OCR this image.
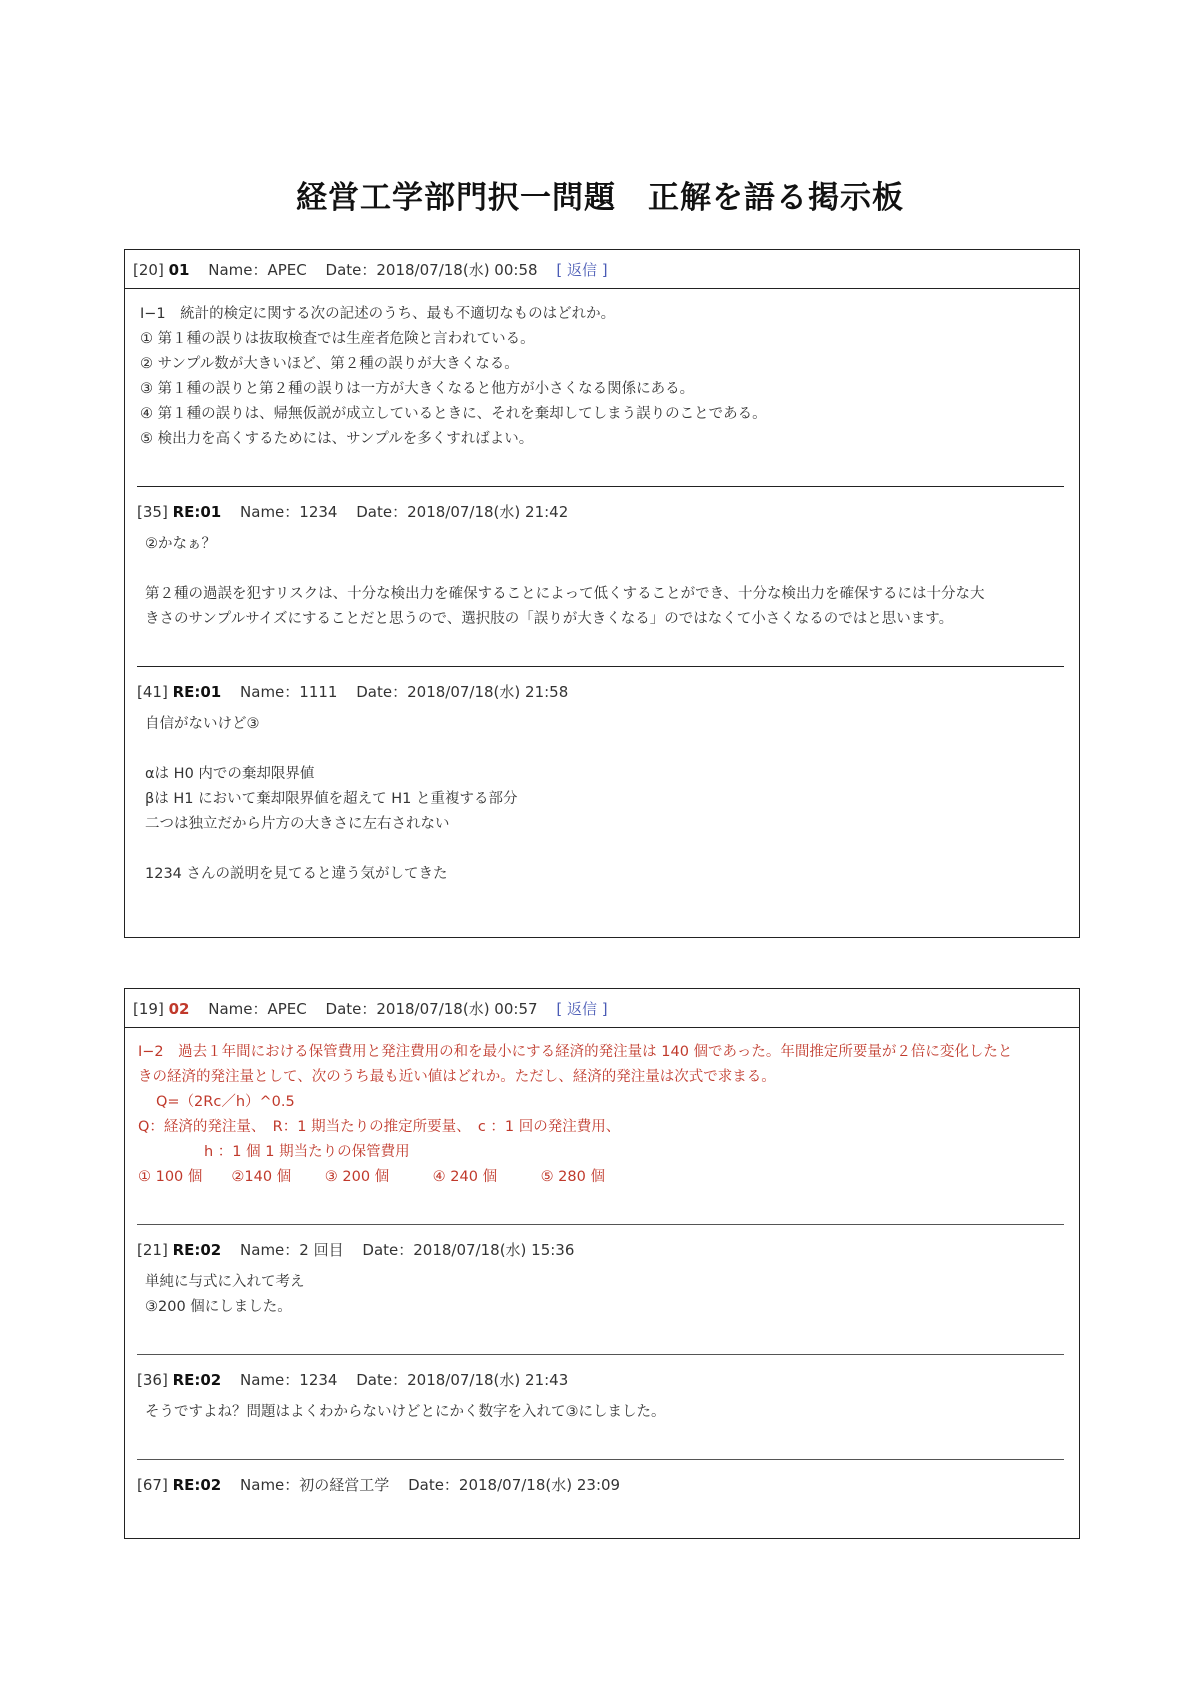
経営工学部門択一問題　正解を語る掲示板
[20] 01 Name：APEC Date：2018/07/18(水) 00:58 [ 返信 ]
Ⅰ−1　統計的検定に関する次の記述のうち、最も不適切なものはどれか。
① 第１種の誤りは抜取検査では生産者危険と言われている。
② サンプル数が大きいほど、第２種の誤りが大きくなる。
③ 第１種の誤りと第２種の誤りは一方が大きくなると他方が小さくなる関係にある。
④ 第１種の誤りは、帰無仮説が成立しているときに、それを棄却してしまう誤りのことである。
⑤ 検出力を高くするためには、サンプルを多くすればよい。
[35] RE:01 Name：1234 Date：2018/07/18(水) 21:42
②かなぁ？
第２種の過誤を犯すリスクは、十分な検出力を確保することによって低くすることができ、十分な検出力を確保するには十分な大
きさのサンプルサイズにすることだと思うので、選択肢の「誤りが大きくなる」のではなくて小さくなるのではと思います。
[41] RE:01 Name：1111 Date：2018/07/18(水) 21:58
自信がないけど③
αは H0 内での棄却限界値
βは H1 において棄却限界値を超えて H1 と重複する部分
二つは独立だから片方の大きさに左右されない
1234 さんの説明を見てると違う気がしてきた
[19] 02 Name：APEC Date：2018/07/18(水) 00:57 [ 返信 ]
Ⅰ−2　過去１年間における保管費用と発注費用の和を最小にする経済的発注量は 140 個であった。年間推定所要量が２倍に変化したと
きの経済的発注量として、次のうち最も近い値はどれか。ただし、経済的発注量は次式で求まる。
Q=（2Rc／h）^0.5
Q：経済的発注量、　R：1 期当たりの推定所要量、　c ：1 回の発注費用、
h ：1 個 1 期当たりの保管費用
① 100 個　　②140 個　　 ③ 200 個　　　④ 240 個　　　⑤ 280 個
[21] RE:02 Name：2 回目 Date：2018/07/18(水) 15:36
単純に与式に入れて考え
③200 個にしました。
[36] RE:02 Name：1234 Date：2018/07/18(水) 21:43
そうですよね？問題はよくわからないけどとにかく数字を入れて③にしました。
[67] RE:02 Name：初の経営工学 Date：2018/07/18(水) 23:09
